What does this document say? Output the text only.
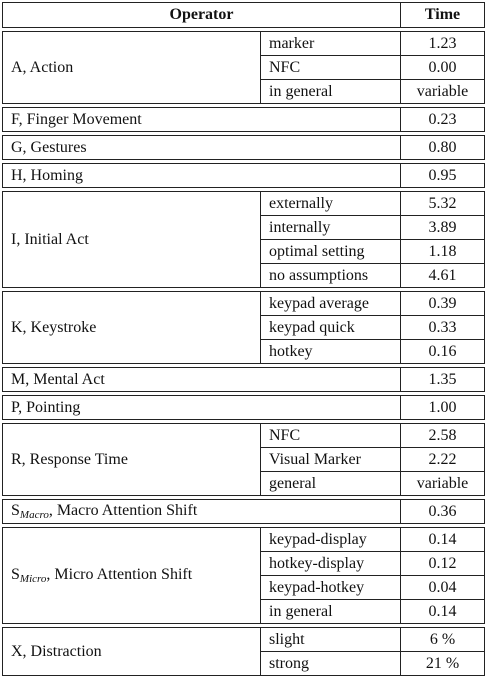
Operator		Time

A, Action	marker	1.23
	NFC	0.00
	in general	variable

F, Finger Movement		0.23

G, Gestures		0.80

H, Homing		0.95

I, Initial Act	externally	5.32
	internally	3.89
	optimal setting	1.18
	no assumptions	4.61

K, Keystroke	keypad average	0.39
	keypad quick	0.33
	hotkey	0.16

M, Mental Act		1.35

P, Pointing		1.00

R, Response Time	NFC	2.58
	Visual Marker	2.22
	general	variable

$S_{Macro}$, Macro Attention Shift		0.36

$S_{Micro}$, Micro Attention Shift	keypad-display	0.14
	hotkey-display	0.12
	keypad-hotkey	0.04
	in general	0.14

X, Distraction	slight	6 %
	strong	21 %
